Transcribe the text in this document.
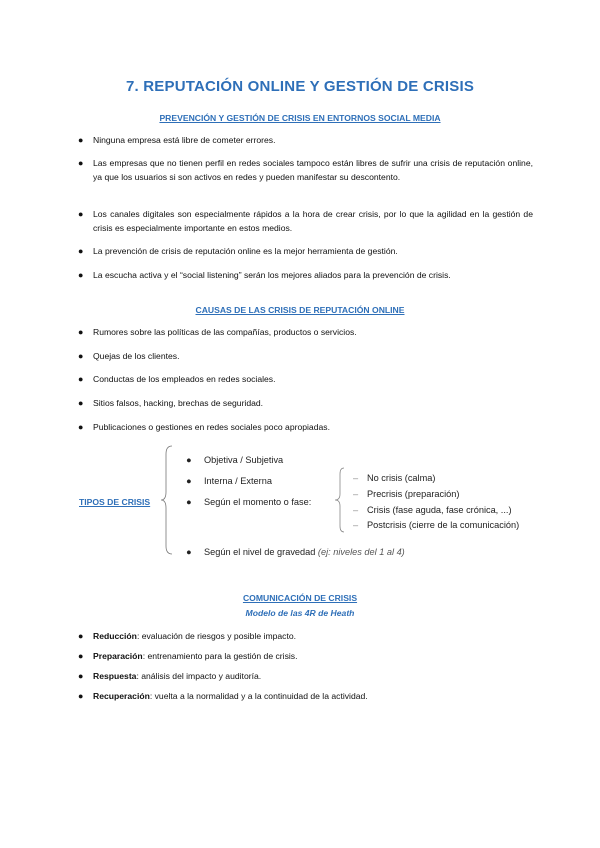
7. REPUTACIÓN ONLINE Y GESTIÓN DE CRISIS
PREVENCIÓN Y GESTIÓN DE CRISIS EN ENTORNOS SOCIAL MEDIA
● Ninguna empresa está libre de cometer errores.
● Las empresas que no tienen perfil en redes sociales tampoco están libres de sufrir una crisis de reputación online, ya que los usuarios si son activos en redes y pueden manifestar su descontento.
● Los canales digitales son especialmente rápidos a la hora de crear crisis, por lo que la agilidad en la gestión de crisis es especialmente importante en estos medios.
● La prevención de crisis de reputación online es la mejor herramienta de gestión.
● La escucha activa y el “social listening” serán los mejores aliados para la prevención de crisis.
CAUSAS DE LAS CRISIS DE REPUTACIÓN ONLINE
● Rumores sobre las políticas de las compañías, productos o servicios.
● Quejas de los clientes.
● Conductas de los empleados en redes sociales.
● Sitios falsos, hacking, brechas de seguridad.
● Publicaciones o gestiones en redes sociales poco apropiadas.
TIPOS DE CRISIS
● Objetiva / Subjetiva
● Interna / Externa
● Según el momento o fase:
● Según el nivel de gravedad (ej: niveles del 1 al 4)
– No crisis (calma)
– Precrisis (preparación)
– Crisis (fase aguda, fase crónica, ...)
– Postcrisis (cierre de la comunicación)
COMUNICACIÓN DE CRISIS
Modelo de las 4R de Heath
● Reducción: evaluación de riesgos y posible impacto.
● Preparación: entrenamiento para la gestión de crisis.
● Respuesta: análisis del impacto y auditoría.
● Recuperación: vuelta a la normalidad y a la continuidad de la actividad.
